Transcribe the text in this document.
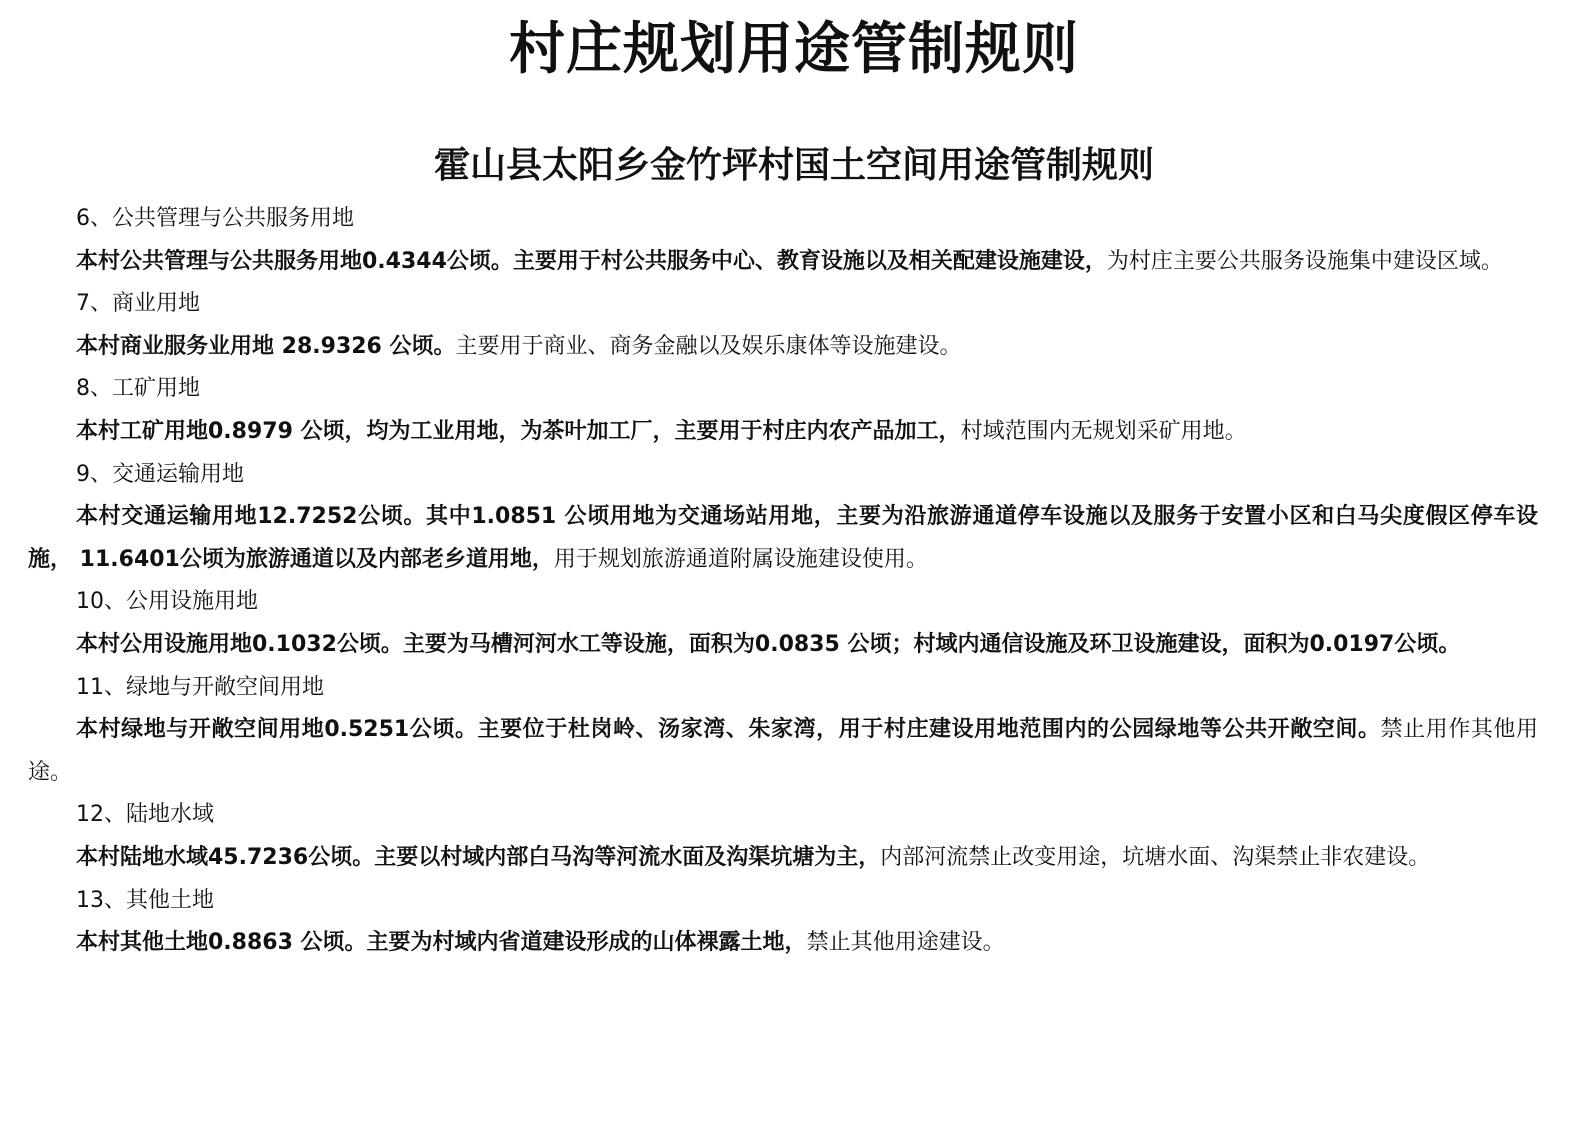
村庄规划用途管制规则
霍山县太阳乡金竹坪村国土空间用途管制规则

6、公共管理与公共服务用地

本村公共管理与公共服务用地0.4344公顷。主要用于村公共服务中心、教育设施以及相关配建设施建设，为村庄主要公共服务设施集中建设区域。

7、商业用地

本村商业服务业用地 28.9326 公顷。主要用于商业、商务金融以及娱乐康体等设施建设。

8、工矿用地

本村工矿用地0.8979 公顷，均为工业用地，为茶叶加工厂，主要用于村庄内农产品加工，村域范围内无规划采矿用地。

9、交通运输用地

本村交通运输用地12.7252公顷。其中1.0851 公顷用地为交通场站用地，主要为沿旅游通道停车设施以及服务于安置小区和白马尖度假区停车设施， 11.6401公顷为旅游通道以及内部老乡道用地，用于规划旅游通道附属设施建设使用。

10、公用设施用地

本村公用设施用地0.1032公顷。主要为马槽河河水工等设施，面积为0.0835 公顷；村域内通信设施及环卫设施建设，面积为0.0197公顷。

11、绿地与开敞空间用地

本村绿地与开敞空间用地0.5251公顷。主要位于杜岗岭、汤家湾、朱家湾，用于村庄建设用地范围内的公园绿地等公共开敞空间。禁止用作其他用途。

12、陆地水域

本村陆地水域45.7236公顷。主要以村域内部白马沟等河流水面及沟渠坑塘为主，内部河流禁止改变用途，坑塘水面、沟渠禁止非农建设。

13、其他土地

本村其他土地0.8863 公顷。主要为村域内省道建设形成的山体裸露土地，禁止其他用途建设。
